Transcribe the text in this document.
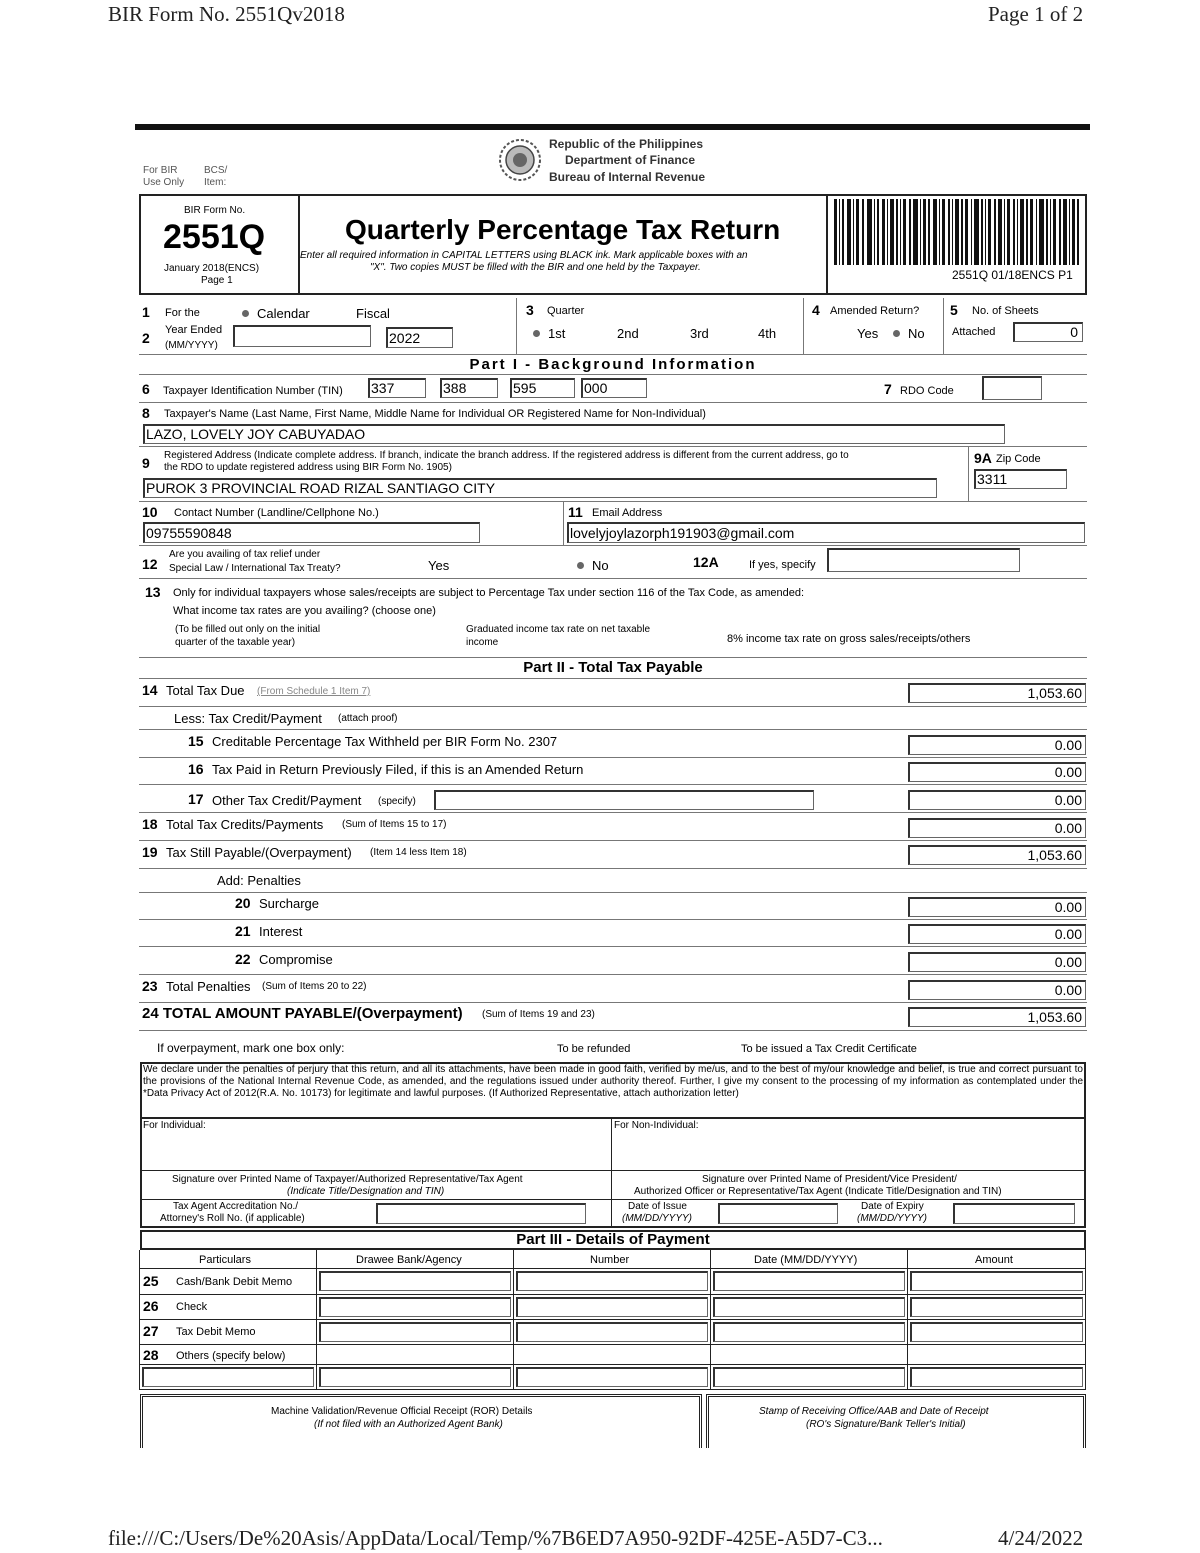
BIR Form No. 2551Qv2018	Page 1 of 2
file:///C:/Users/De%20Asis/AppData/Local/Temp/%7B6ED7A950-92DF-425E-A5D7-C3...	4/24/2022
Republic of the Philippines
Department of Finance
Bureau of Internal Revenue
For BIR
Use Only
BCS/
Item:
BIR Form No.
2551Q
January 2018(ENCS)
Page 1
Quarterly Percentage Tax Return
Enter all required information in CAPITAL LETTERS using BLACK ink. Mark applicable boxes with an
"X". Two copies MUST be filled with the BIR and one held by the Taxpayer.
2551Q 01/18ENCS P1
1 For the	Calendar	Fiscal
2 Year Ended
(MM/YYYY)	2022
3 Quarter
1st	2nd	3rd	4th
4 Amended Return?
Yes	No
5 No. of Sheets
Attached	0
Part I - Background Information
6 Taxpayer Identification Number (TIN) 337	388	595	000	7 RDO Code
8 Taxpayer's Name (Last Name, First Name, Middle Name for Individual OR Registered Name for Non-Individual)
LAZO, LOVELY JOY CABUYADAO
9 Registered Address (Indicate complete address. If branch, indicate the branch address. If the registered address is different from the current address, go to
the RDO to update registered address using BIR Form No. 1905)
PUROK 3 PROVINCIAL ROAD RIZAL SANTIAGO CITY
9A Zip Code
3311
10 Contact Number (Landline/Cellphone No.)
09755590848
11 Email Address
lovelyjoylazorph191903@gmail.com
12
Are you availing of tax relief under
Special Law / International Tax Treaty?	Yes	No	12A	If yes, specify
13 Only for individual taxpayers whose sales/receipts are subject to Percentage Tax under section 116 of the Tax Code, as amended:
What income tax rates are you availing? (choose one)
(To be filled out only on the initial
quarter of the taxable year)
Graduated income tax rate on net taxable
income	8% income tax rate on gross sales/receipts/others
Part II - Total Tax Payable
14 Total Tax Due (From Schedule 1 Item 7)	1,053.60
Less: Tax Credit/Payment (attach proof)
15 Creditable Percentage Tax Withheld per BIR Form No. 2307	0.00
16 Tax Paid in Return Previously Filed, if this is an Amended Return	0.00
17 Other Tax Credit/Payment (specify)	0.00
18 Total Tax Credits/Payments (Sum of Items 15 to 17)	0.00
19 Tax Still Payable/(Overpayment) (Item 14 less Item 18)	1,053.60
Add: Penalties
20 Surcharge	0.00
21 Interest	0.00
22 Compromise	0.00
23 Total Penalties (Sum of Items 20 to 22)	0.00
24 TOTAL AMOUNT PAYABLE/(Overpayment) (Sum of Items 19 and 23)	1,053.60
If overpayment, mark one box only:	To be refunded	To be issued a Tax Credit Certificate
We declare under the penalties of perjury that this return, and all its attachments, have been made in good faith, verified by me/us, and to the best of my/our knowledge and belief, is true and correct pursuant to the provisions of the National Internal Revenue Code, as amended, and the regulations issued under authority thereof. Further, I give my consent to the processing of my information as contemplated under the *Data Privacy Act of 2012(R.A. No. 10173) for legitimate and lawful purposes. (If Authorized Representative, attach authorization letter)
For Individual:	For Non-Individual:
Signature over Printed Name of Taxpayer/Authorized Representative/Tax Agent
(Indicate Title/Designation and TIN)
Signature over Printed Name of President/Vice President/
Authorized Officer or Representative/Tax Agent (Indicate Title/Designation and TIN)
Tax Agent Accreditation No./
Attorney's Roll No. (if applicable)
Date of Issue
(MM/DD/YYYY)
Date of Expiry
(MM/DD/YYYY)
Part III - Details of Payment
Particulars	Drawee Bank/Agency	Number	Date (MM/DD/YYYY)	Amount
25 Cash/Bank Debit Memo
26 Check
27 Tax Debit Memo
28 Others (specify below)
Machine Validation/Revenue Official Receipt (ROR) Details
(If not filed with an Authorized Agent Bank)
Stamp of Receiving Office/AAB and Date of Receipt
(RO's Signature/Bank Teller's Initial)
